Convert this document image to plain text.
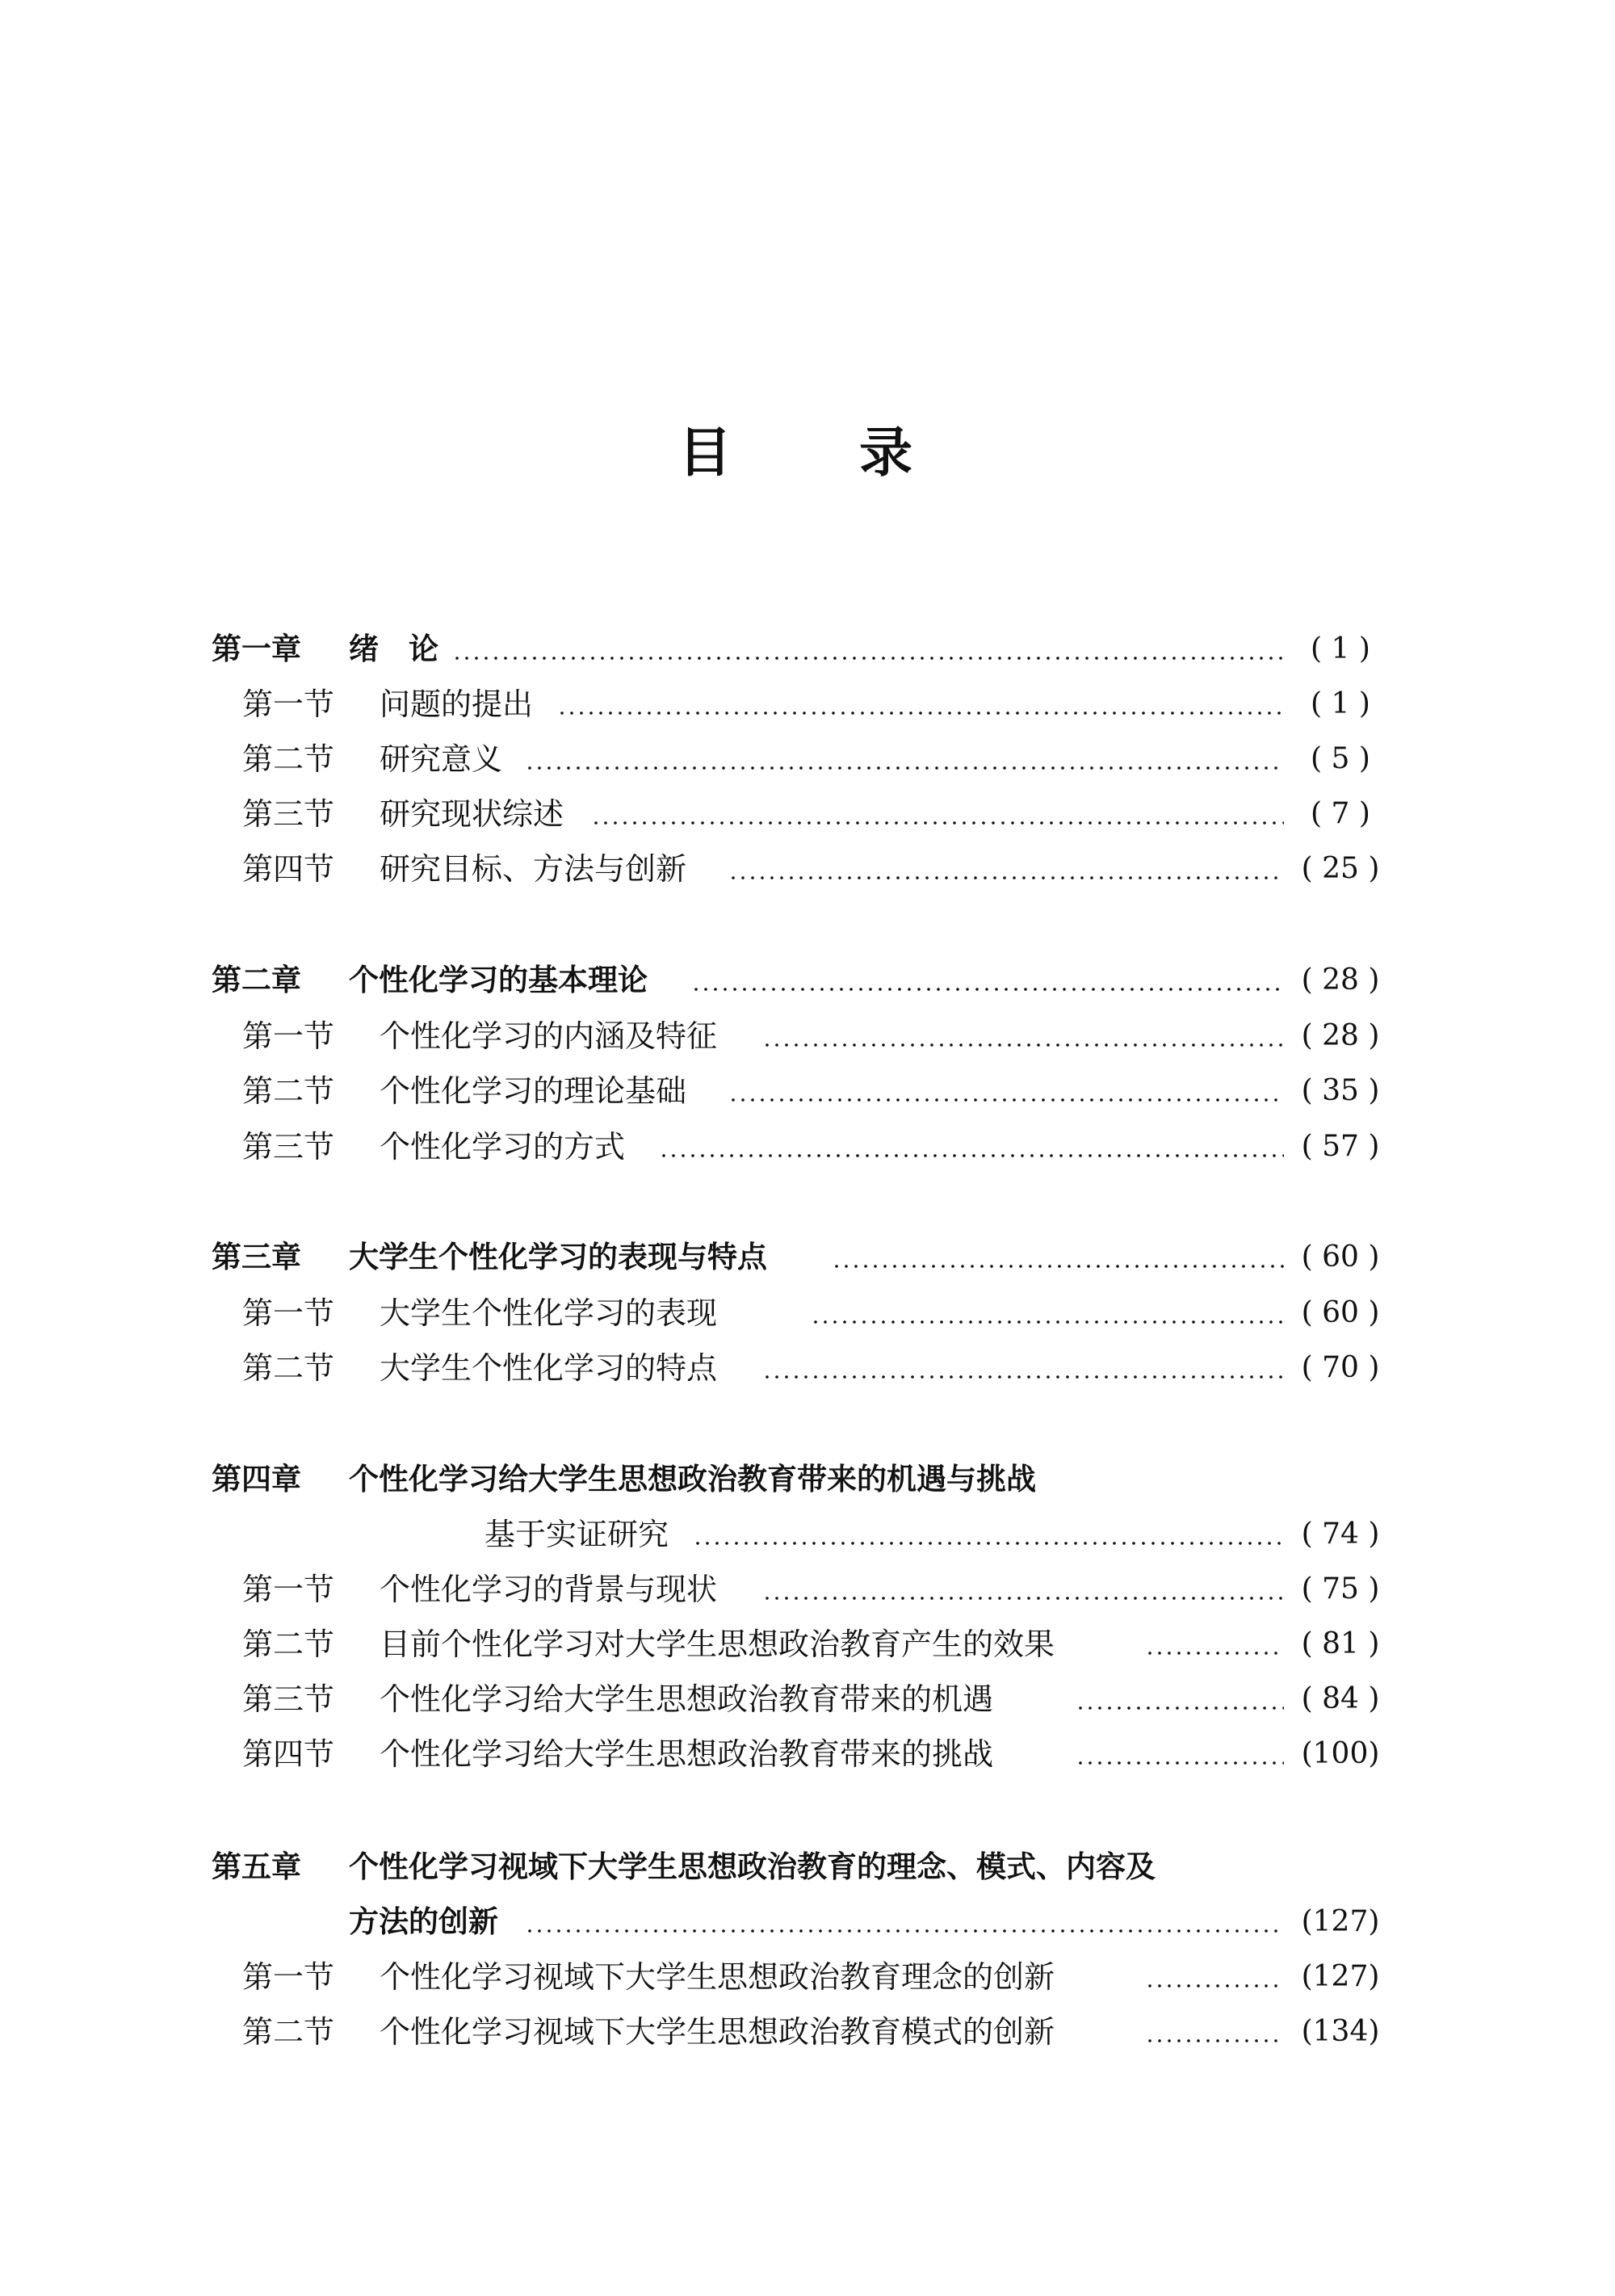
目 录
第一章 绪　论	( 1 )
第一节 问题的提出	( 1 )
第二节 研究意义	( 5 )
第三节 研究现状综述	( 7 )
第四节 研究目标、方法与创新	( 25 )
第二章 个性化学习的基本理论	( 28 )
第一节 个性化学习的内涵及特征	( 28 )
第二节 个性化学习的理论基础	( 35 )
第三节 个性化学习的方式	( 57 )
第三章 大学生个性化学习的表现与特点	( 60 )
第一节 大学生个性化学习的表现	( 60 )
第二节 大学生个性化学习的特点	( 70 )
第四章 个性化学习给大学生思想政治教育带来的机遇与挑战
基于实证研究	( 74 )
第一节 个性化学习的背景与现状	( 75 )
第二节 目前个性化学习对大学生思想政治教育产生的效果	( 81 )
第三节 个性化学习给大学生思想政治教育带来的机遇	( 84 )
第四节 个性化学习给大学生思想政治教育带来的挑战	(100)
第五章 个性化学习视域下大学生思想政治教育的理念、模式、内容及
方法的创新	(127)
第一节 个性化学习视域下大学生思想政治教育理念的创新	(127)
第二节 个性化学习视域下大学生思想政治教育模式的创新	(134)
